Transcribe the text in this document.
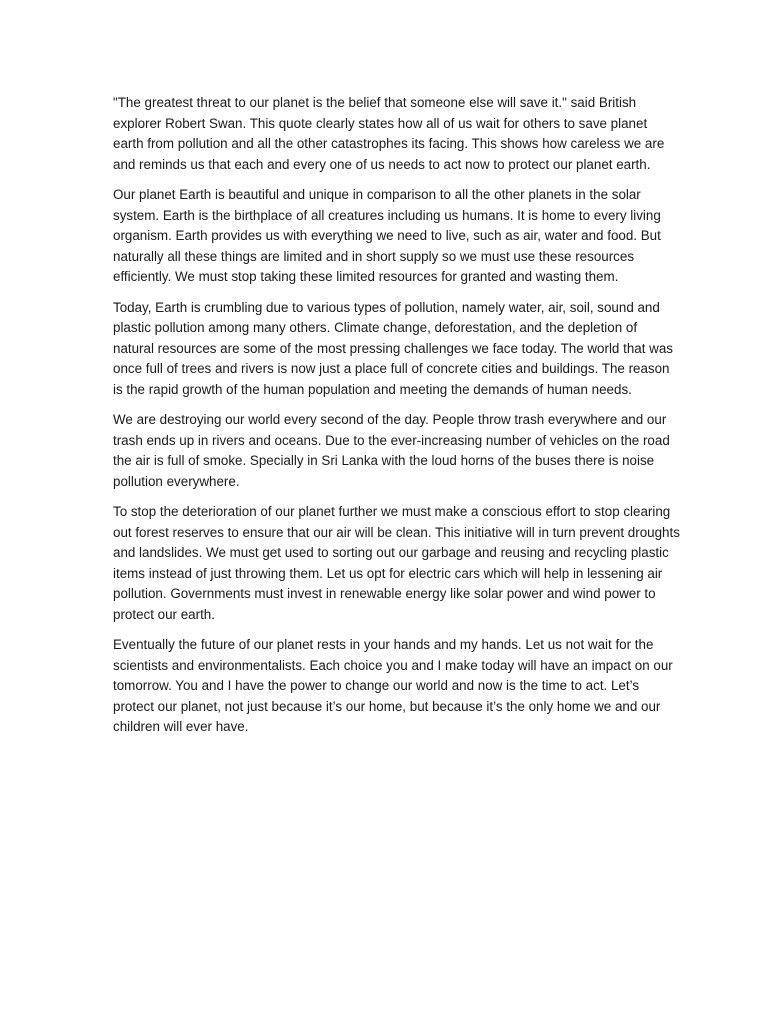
"The greatest threat to our planet is the belief that someone else will save it." said British explorer Robert Swan. This quote clearly states how all of us wait for others to save planet earth from pollution and all the other catastrophes its facing. This shows how careless we are and reminds us that each and every one of us needs to act now to protect our planet earth.

Our planet Earth is beautiful and unique in comparison to all the other planets in the solar system. Earth is the birthplace of all creatures including us humans. It is home to every living organism. Earth provides us with everything we need to live, such as air, water and food. But naturally all these things are limited and in short supply so we must use these resources efficiently. We must stop taking these limited resources for granted and wasting them.

Today, Earth is crumbling due to various types of pollution, namely water, air, soil, sound and plastic pollution among many others. Climate change, deforestation, and the depletion of natural resources are some of the most pressing challenges we face today. The world that was once full of trees and rivers is now just a place full of concrete cities and buildings. The reason is the rapid growth of the human population and meeting the demands of human needs.

We are destroying our world every second of the day. People throw trash everywhere and our trash ends up in rivers and oceans. Due to the ever-increasing number of vehicles on the road the air is full of smoke. Specially in Sri Lanka with the loud horns of the buses there is noise pollution everywhere.

To stop the deterioration of our planet further we must make a conscious effort to stop clearing out forest reserves to ensure that our air will be clean. This initiative will in turn prevent droughts and landslides. We must get used to sorting out our garbage and reusing and recycling plastic items instead of just throwing them. Let us opt for electric cars which will help in lessening air pollution. Governments must invest in renewable energy like solar power and wind power to protect our earth.

Eventually the future of our planet rests in your hands and my hands. Let us not wait for the scientists and environmentalists. Each choice you and I make today will have an impact on our tomorrow. You and I have the power to change our world and now is the time to act. Let’s protect our planet, not just because it’s our home, but because it’s the only home we and our children will ever have.
